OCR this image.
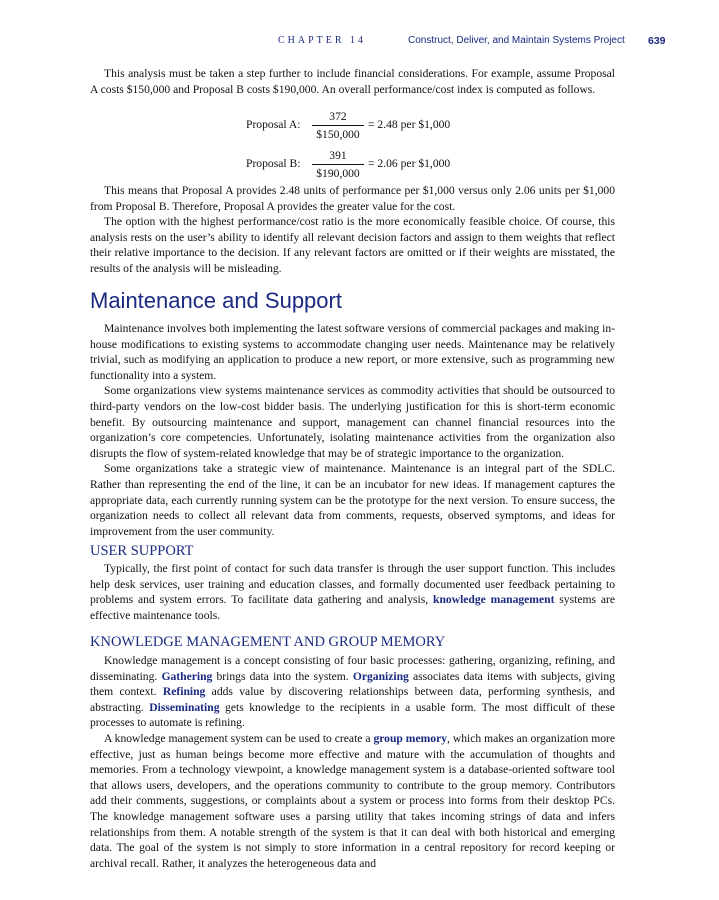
CHAPTER 14	Construct, Deliver, and Maintain Systems Project 639

This analysis must be taken a step further to include financial considerations. For example, assume Proposal A costs $150,000 and Proposal B costs $190,000. An overall performance/cost index is computed as follows.

Proposal A:
372
$150,000
= 2.48 per $1,000
Proposal B:
391
$190,000
= 2.06 per $1,000

This means that Proposal A provides 2.48 units of performance per $1,000 versus only 2.06 units per $1,000 from Proposal B. Therefore, Proposal A provides the greater value for the cost.

The option with the highest performance/cost ratio is the more economically feasible choice. Of course, this analysis rests on the user’s ability to identify all relevant decision factors and assign to them weights that reflect their relative importance to the decision. If any relevant factors are omitted or if their weights are misstated, the results of the analysis will be misleading.

Maintenance and Support

Maintenance involves both implementing the latest software versions of commercial packages and making in-house modifications to existing systems to accommodate changing user needs. Maintenance may be relatively trivial, such as modifying an application to produce a new report, or more extensive, such as programming new functionality into a system.

Some organizations view systems maintenance services as commodity activities that should be outsourced to third-party vendors on the low-cost bidder basis. The underlying justification for this is short-term economic benefit. By outsourcing maintenance and support, management can channel financial resources into the organization’s core competencies. Unfortunately, isolating maintenance activities from the organization also disrupts the flow of system-related knowledge that may be of strategic importance to the organization.

Some organizations take a strategic view of maintenance. Maintenance is an integral part of the SDLC. Rather than representing the end of the line, it can be an incubator for new ideas. If management captures the appropriate data, each currently running system can be the prototype for the next version. To ensure success, the organization needs to collect all relevant data from comments, requests, observed symptoms, and ideas for improvement from the user community.

USER SUPPORT

Typically, the first point of contact for such data transfer is through the user support function. This includes help desk services, user training and education classes, and formally documented user feedback pertaining to problems and system errors. To facilitate data gathering and analysis, knowledge management systems are effective maintenance tools.

KNOWLEDGE MANAGEMENT AND GROUP MEMORY

Knowledge management is a concept consisting of four basic processes: gathering, organizing, refining, and disseminating. Gathering brings data into the system. Organizing associates data items with subjects, giving them context. Refining adds value by discovering relationships between data, performing synthesis, and abstracting. Disseminating gets knowledge to the recipients in a usable form. The most difficult of these processes to automate is refining.

A knowledge management system can be used to create a group memory, which makes an organization more effective, just as human beings become more effective and mature with the accumulation of thoughts and memories. From a technology viewpoint, a knowledge management system is a database-oriented software tool that allows users, developers, and the operations community to contribute to the group memory. Contributors add their comments, suggestions, or complaints about a system or process into forms from their desktop PCs. The knowledge management software uses a parsing utility that takes incoming strings of data and infers relationships from them. A notable strength of the system is that it can deal with both historical and emerging data. The goal of the system is not simply to store information in a central repository for record keeping or archival recall. Rather, it analyzes the heterogeneous data and
